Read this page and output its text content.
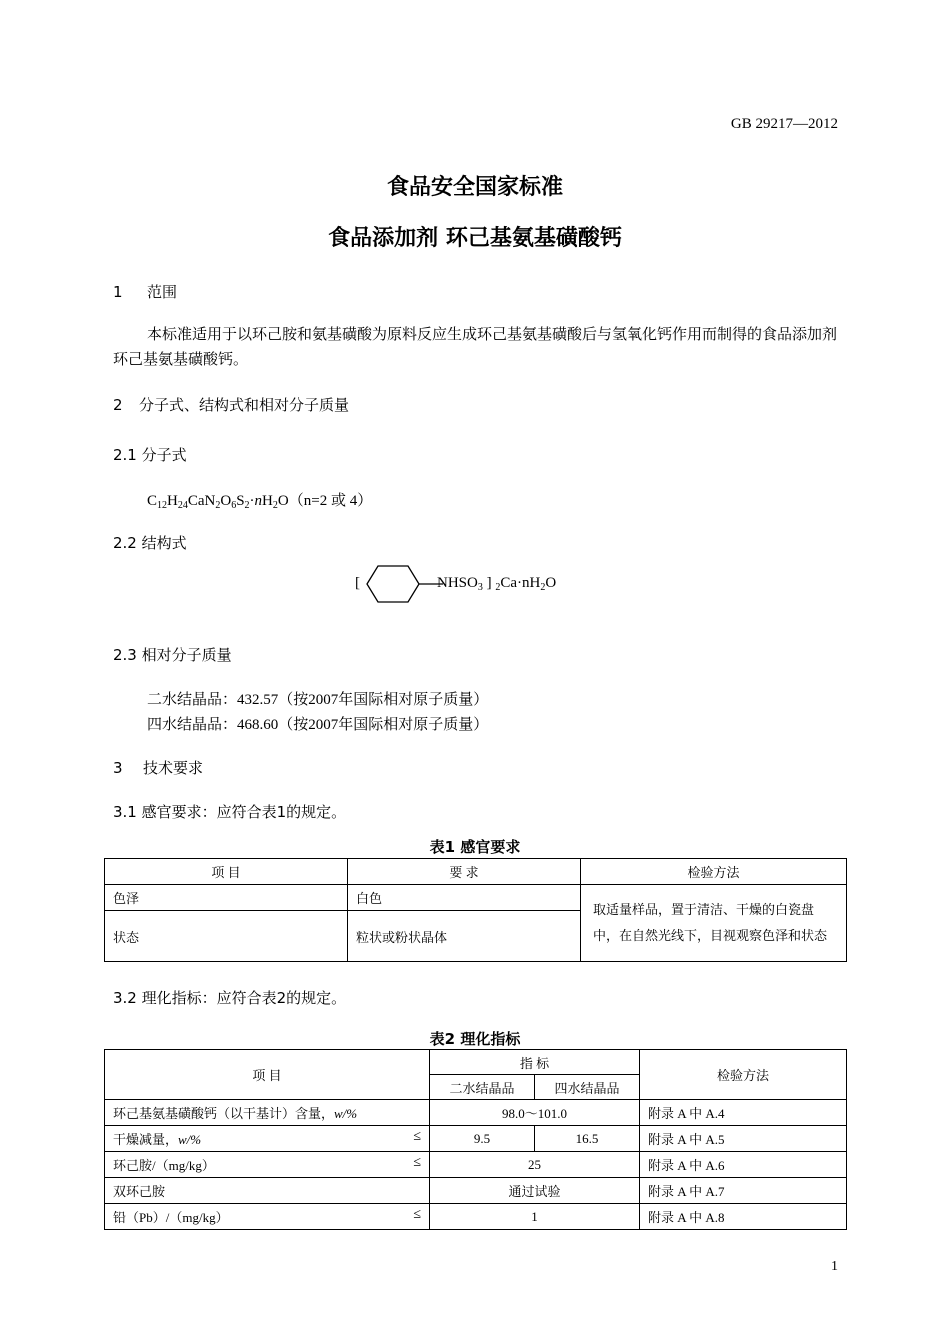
GB 29217—2012
食品安全国家标准
食品添加剂 环己基氨基磺酸钙
1 范围
本标准适用于以环己胺和氨基磺酸为原料反应生成环己基氨基磺酸后与氢氧化钙作用而制得的食品添加剂环己基氨基磺酸钙。
2 分子式、结构式和相对分子质量
2.1 分子式
$C_{12}H_{24}CaN_2O_6S_2\cdot nH_2O(n=2$ 或 4）
2.2 结构式
[	$NHSO_3$ ] $_2Ca\cdot nH_2O$
2.3 相对分子质量
二水结晶品：432.57（按2007年国际相对原子质量）
四水结晶品：468.60（按2007年国际相对原子质量）
3 技术要求
3.1 感官要求：应符合表1的规定。
表1 感官要求
项 目	要 求	检验方法
色泽	白色	取适量样品，置于清洁、干燥的白瓷盘中，在自然光线下，目视观察色泽和状态
状态	粒状或粉状晶体	
3.2 理化指标：应符合表2的规定。
表2 理化指标
项 目	指 标		检验方法
	二水结晶品	四水结晶品	
环己基氨基磺酸钙（以干基计）含量，w/%	98.0～101.0		附录 A 中 A.4
干燥减量，w/% ≤	9.5	16.5	附录 A 中 A.5
环己胺/（mg/kg） ≤	25		附录 A 中 A.6
双环己胺	通过试验		附录 A 中 A.7
铅（Pb）/（mg/kg） ≤	1		附录 A 中 A.8
1
